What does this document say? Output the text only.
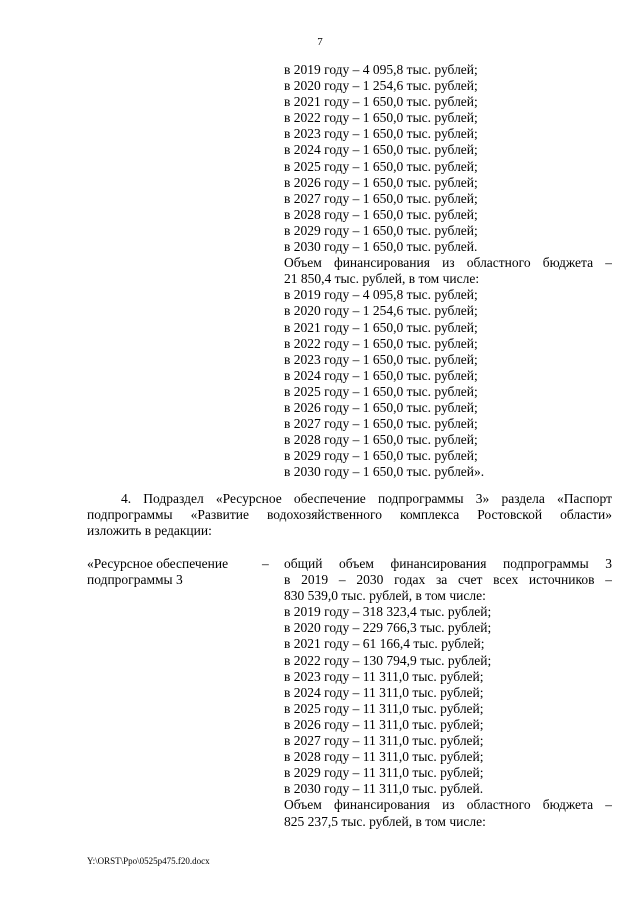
7
в 2019 году – 4 095,8 тыс. рублей;
в 2020 году – 1 254,6 тыс. рублей;
в 2021 году – 1 650,0 тыс. рублей;
в 2022 году – 1 650,0 тыс. рублей;
в 2023 году – 1 650,0 тыс. рублей;
в 2024 году – 1 650,0 тыс. рублей;
в 2025 году – 1 650,0 тыс. рублей;
в 2026 году – 1 650,0 тыс. рублей;
в 2027 году – 1 650,0 тыс. рублей;
в 2028 году – 1 650,0 тыс. рублей;
в 2029 году – 1 650,0 тыс. рублей;
в 2030 году – 1 650,0 тыс. рублей.
Объем финансирования из областного бюджета –
21 850,4 тыс. рублей, в том числе:
в 2019 году – 4 095,8 тыс. рублей;
в 2020 году – 1 254,6 тыс. рублей;
в 2021 году – 1 650,0 тыс. рублей;
в 2022 году – 1 650,0 тыс. рублей;
в 2023 году – 1 650,0 тыс. рублей;
в 2024 году – 1 650,0 тыс. рублей;
в 2025 году – 1 650,0 тыс. рублей;
в 2026 году – 1 650,0 тыс. рублей;
в 2027 году – 1 650,0 тыс. рублей;
в 2028 году – 1 650,0 тыс. рублей;
в 2029 году – 1 650,0 тыс. рублей;
в 2030 году – 1 650,0 тыс. рублей».
4. Подраздел «Ресурсное обеспечение подпрограммы 3» раздела «Паспорт
подпрограммы «Развитие водохозяйственного комплекса Ростовской области»
изложить в редакции:
«Ресурсное обеспечение
подпрограммы 3
– общий объем финансирования подпрограммы 3
в 2019 – 2030 годах за счет всех источников –
830 539,0 тыс. рублей, в том числе:
в 2019 году – 318 323,4 тыс. рублей;
в 2020 году – 229 766,3 тыс. рублей;
в 2021 году – 61 166,4 тыс. рублей;
в 2022 году – 130 794,9 тыс. рублей;
в 2023 году – 11 311,0 тыс. рублей;
в 2024 году – 11 311,0 тыс. рублей;
в 2025 году – 11 311,0 тыс. рублей;
в 2026 году – 11 311,0 тыс. рублей;
в 2027 году – 11 311,0 тыс. рублей;
в 2028 году – 11 311,0 тыс. рублей;
в 2029 году – 11 311,0 тыс. рублей;
в 2030 году – 11 311,0 тыс. рублей.
Объем финансирования из областного бюджета –
825 237,5 тыс. рублей, в том числе:
Y:\ORST\Ppo\0525p475.f20.docx
